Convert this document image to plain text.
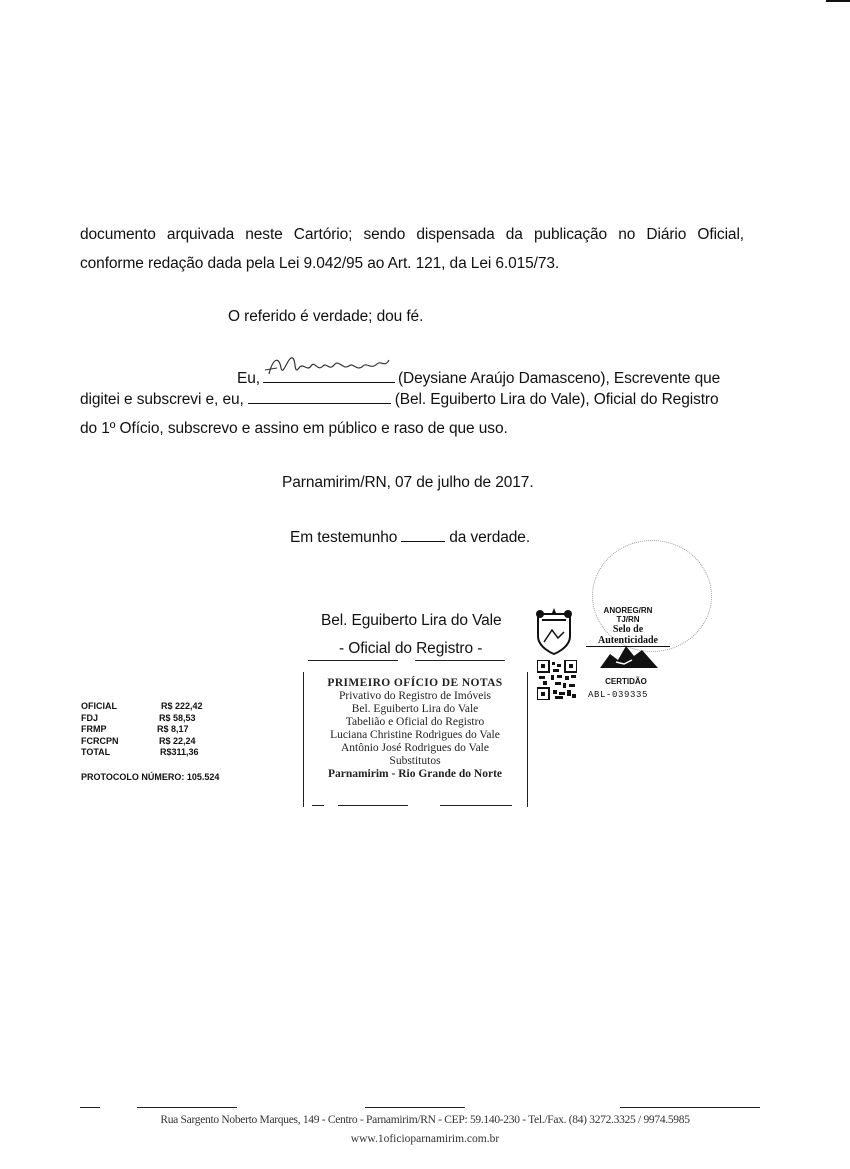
documento arquivada neste Cartório; sendo dispensada da publicação no Diário Oficial,
conforme redação dada pela Lei 9.042/95 ao Art. 121, da Lei 6.015/73.
O referido é verdade; dou fé.
Eu,	(Deysiane Araújo Damasceno), Escrevente que
digitei e subscrevi e, eu,	(Bel. Eguiberto Lira do Vale), Oficial do Registro
do 1º Ofício, subscrevo e assino em público e raso de que uso.
Parnamirim/RN, 07 de julho de 2017.
Em testemunho	da verdade.
Bel. Eguiberto Lira do Vale
- Oficial do Registro -
OFICIAL	R$ 222,42
FDJ	R$ 58,53
FRMP	R$ 8,17
FCRCPN	R$ 22,24
TOTAL	R$311,36
PROTOCOLO NÚMERO: 105.524
PRIMEIRO OFÍCIO DE NOTAS
Privativo do Registro de Imóveis
Bel. Eguiberto Lira do Vale
Tabelião e Oficial do Registro
Luciana Christine Rodrigues do Vale
Antônio José Rodrigues do Vale
Substitutos
Parnamirim - Rio Grande do Norte
ANOREG/RN
TJ/RN
Selo de Autenticidade
CERTIDÃO
ABL-039335
Rua Sargento Noberto Marques, 149 - Centro - Parnamirim/RN - CEP: 59.140-230 - Tel./Fax. (84) 3272.3325 / 9974.5985
www.1oficioparnamirim.com.br
